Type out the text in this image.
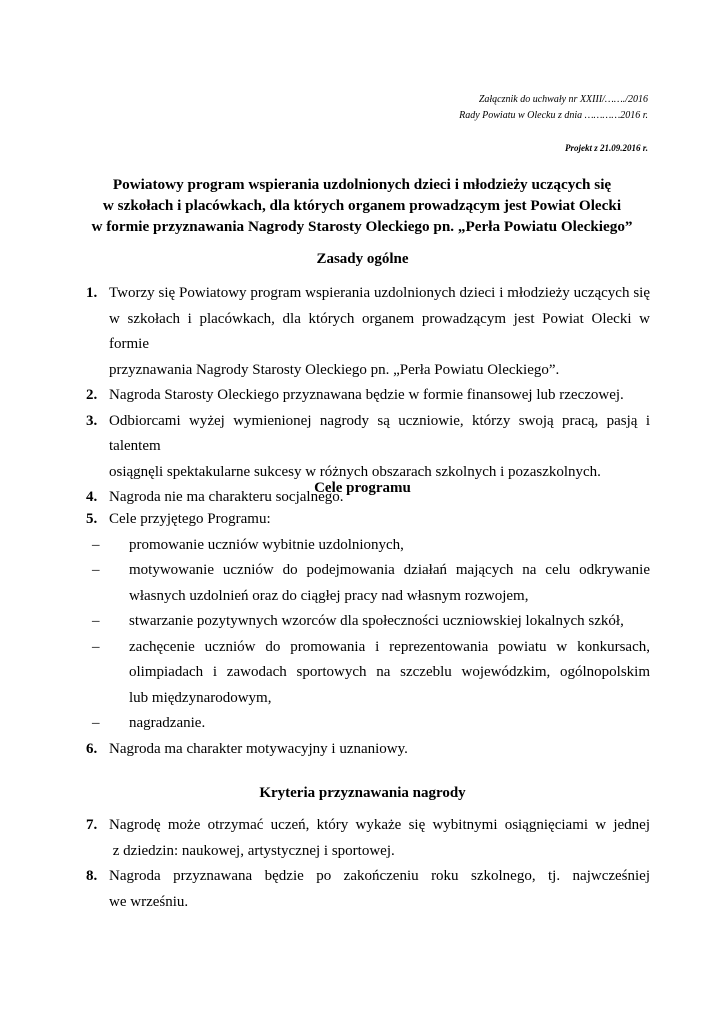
Załącznik do uchwały nr XXIII/……./2016
Rady Powiatu w Olecku z dnia …………2016 r.
Projekt z 21.09.2016 r.
Powiatowy program wspierania uzdolnionych dzieci i młodzieży uczących się
w szkołach i placówkach, dla których organem prowadzącym jest Powiat Olecki
w formie przyznawania Nagrody Starosty Oleckiego pn. „Perła Powiatu Oleckiego”
Zasady ogólne
1. Tworzy się Powiatowy program wspierania uzdolnionych dzieci i młodzieży uczących się
w szkołach i placówkach, dla których organem prowadzącym jest Powiat Olecki w formie
przyznawania Nagrody Starosty Oleckiego pn. „Perła Powiatu Oleckiego”.
2. Nagroda Starosty Oleckiego przyznawana będzie w formie finansowej lub rzeczowej.
3. Odbiorcami wyżej wymienionej nagrody są uczniowie, którzy swoją pracą, pasją i talentem
osiągnęli spektakularne sukcesy w różnych obszarach szkolnych i pozaszkolnych.
4. Nagroda nie ma charakteru socjalnego.
Cele programu
5. Cele przyjętego Programu:
– promowanie uczniów wybitnie uzdolnionych,
– motywowanie uczniów do podejmowania działań mających na celu odkrywanie
własnych uzdolnień oraz do ciągłej pracy nad własnym rozwojem,
– stwarzanie pozytywnych wzorców dla społeczności uczniowskiej lokalnych szkół,
– zachęcenie uczniów do promowania i reprezentowania powiatu w konkursach,
olimpiadach i zawodach sportowych na szczeblu wojewódzkim, ogólnopolskim
lub międzynarodowym,
– nagradzanie.
6. Nagroda ma charakter motywacyjny i uznaniowy.
Kryteria przyznawania nagrody
7. Nagrodę może otrzymać uczeń, który wykaże się wybitnymi osiągnięciami w jednej
z dziedzin: naukowej, artystycznej i sportowej.
8. Nagroda przyznawana będzie po zakończeniu roku szkolnego, tj. najwcześniej
we wrześniu.
